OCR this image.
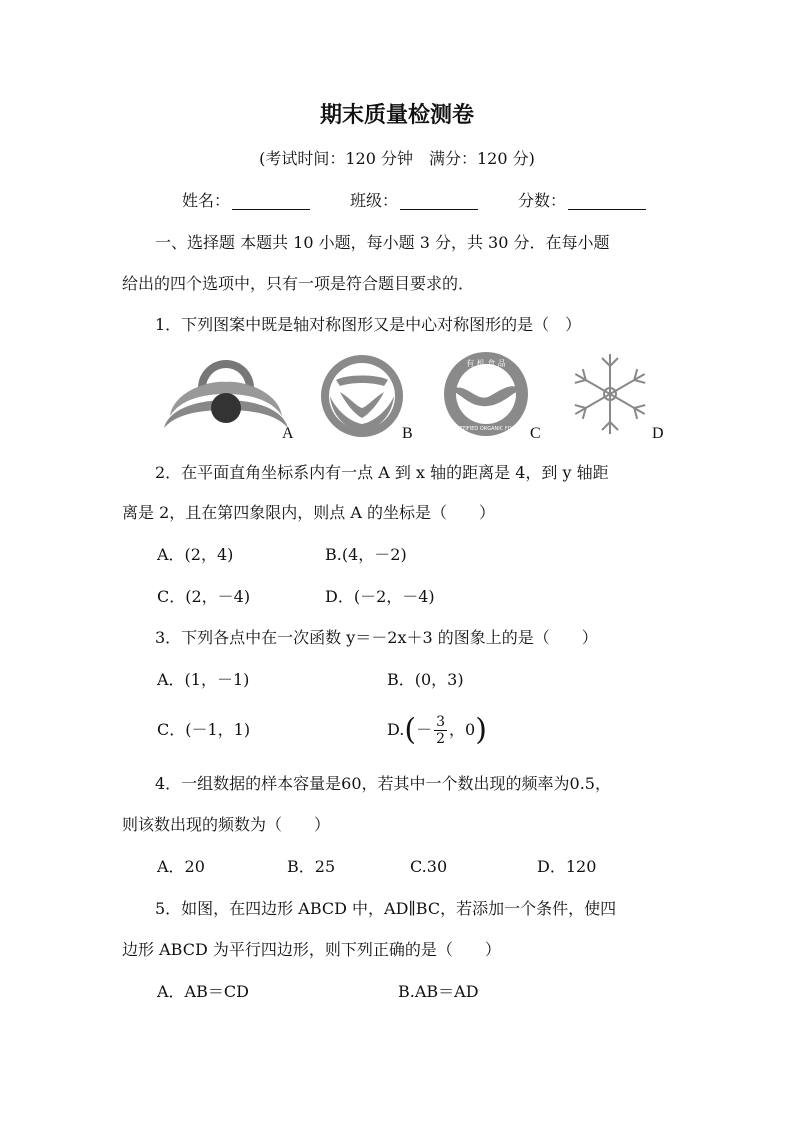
期末质量检测卷
(考试时间：120 分钟　满分：120 分)
姓名：	班级：	分数：
一、选择题 本题共 10 小题，每小题 3 分，共 30 分．在每小题
给出的四个选项中，只有一项是符合题目要求的．
1．下列图案中既是轴对称图形又是中心对称图形的是（　）
A	B
有 机 食 品
CERTIFIED ORGANIC FOOD C	D
2．在平面直角坐标系内有一点 A 到 x 轴的距离是 4，到 y 轴距
离是 2，且在第四象限内，则点 A 的坐标是（　　）
A．(2，4)	B.(4，－2)
C．(2，－4)	D．(－2，－4)
3．下列各点中在一次函数 y＝－2x＋3 的图象上的是（　　）
A．(1，－1)	B．(0，3)
C．(－1，1)	$D.(- \frac{3}{2}$ ，0)
4．一组数据的样本容量是60，若其中一个数出现的频率为0.5，
则该数出现的频数为（　　）
A．20	B．25	C.30	D．120
5．如图，在四边形 ABCD 中，AD∥BC，若添加一个条件，使四
边形 ABCD 为平行四边形，则下列正确的是（　　）
A．AB＝CD	B.AB＝AD
